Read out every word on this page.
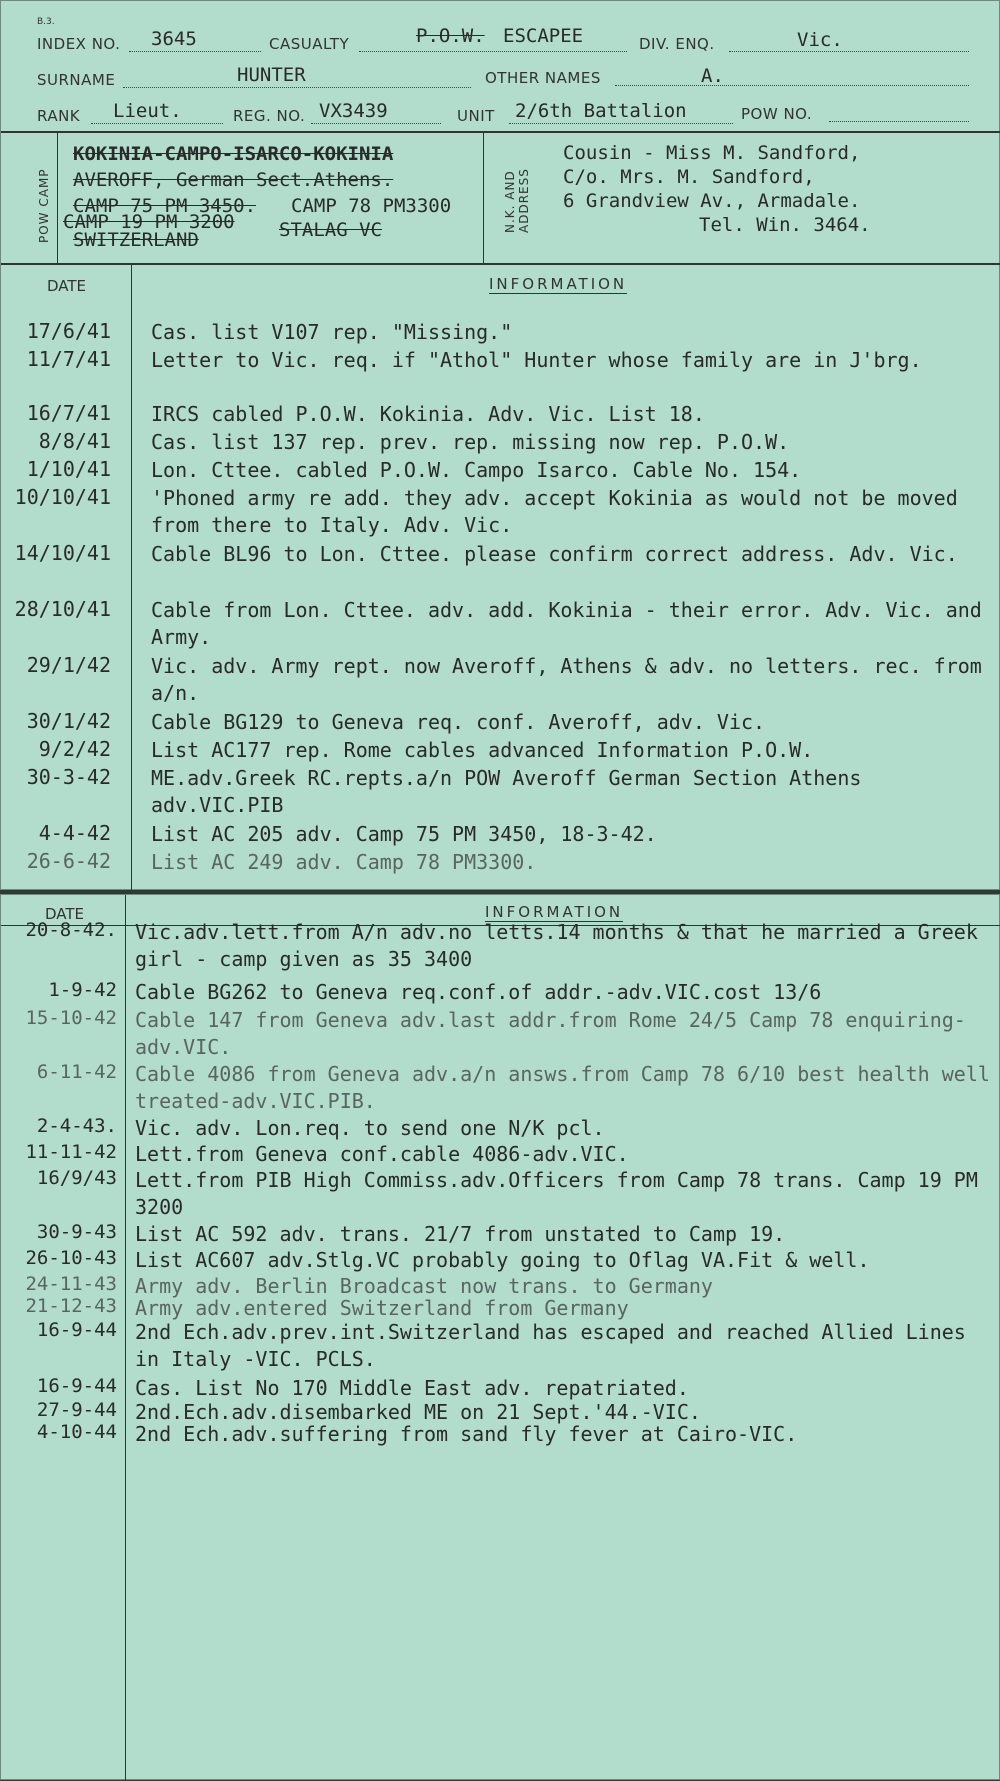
B.3.
INDEX NO. 3645	CASUALTY	P.O.W. ESCAPEE	DIV. ENQ.	Vic.
SURNAME	HUNTER	OTHER NAMES	A.
RANK Lieut.	REG. NO. VX3439	UNIT 2/6th Battalion	POW NO.
POW CAMP	N.K. AND ADDRESS
KOKINIA-CAMPO-ISARCO-KOKINIA
AVEROFF, German Sect.Athens.
CAMP 75 PM 3450. CAMP 78 PM3300
CAMP 19 PM 3200 STALAG VC
SWITZERLAND
Cousin - Miss M. Sandford,
C/o. Mrs. M. Sandford,
6 Grandview Av., Armadale.
Tel. Win. 3464.
DATE	INFORMATION
17/6/41 Cas. list V107 rep. "Missing."
11/7/41 Letter to Vic. req. if "Athol" Hunter whose family are in J'brg.
16/7/41 IRCS cabled P.O.W. Kokinia. Adv. Vic. List 18.
8/8/41 Cas. list 137 rep. prev. rep. missing now rep. P.O.W.
1/10/41 Lon. Cttee. cabled P.O.W. Campo Isarco. Cable No. 154.
10/10/41 'Phoned army re add. they adv. accept Kokinia as would not be moved from there to Italy. Adv. Vic.
14/10/41 Cable BL96 to Lon. Cttee. please confirm correct address. Adv. Vic.
28/10/41 Cable from Lon. Cttee. adv. add. Kokinia - their error. Adv. Vic. and Army.
29/1/42 Vic. adv. Army rept. now Averoff, Athens & adv. no letters. rec. from a/n.
30/1/42 Cable BG129 to Geneva req. conf. Averoff, adv. Vic.
9/2/42 List AC177 rep. Rome cables advanced Information P.O.W.
30-3-42 ME.adv.Greek RC.repts.a/n POW Averoff German Section Athens adv.VIC.PIB
4-4-42 List AC 205 adv. Camp 75 PM 3450, 18-3-42.
26-6-42 List AC 249 adv. Camp 78 PM3300.
DATE	INFORMATION
20-8-42. Vic.adv.lett.from A/n adv.no letts.14 months & that he married a Greek girl - camp given as 35 3400
1-9-42 Cable BG262 to Geneva req.conf.of addr.-adv.VIC.cost 13/6
15-10-42 Cable 147 from Geneva adv.last addr.from Rome 24/5 Camp 78 enquiring-adv.VIC.
6-11-42 Cable 4086 from Geneva adv.a/n answs.from Camp 78 6/10 best health well treated-adv.VIC.PIB.
2-4-43. Vic. adv. Lon.req. to send one N/K pcl.
11-11-42 Lett.from Geneva conf.cable 4086-adv.VIC.
16/9/43 Lett.from PIB High Commiss.adv.Officers from Camp 78 trans. Camp 19 PM 3200
30-9-43 List AC 592 adv. trans. 21/7 from unstated to Camp 19.
26-10-43 List AC607 adv.Stlg.VC probably going to Oflag VA.Fit & well.
24-11-43 Army adv. Berlin Broadcast now trans. to Germany
21-12-43 Army adv.entered Switzerland from Germany
16-9-44 2nd Ech.adv.prev.int.Switzerland has escaped and reached Allied Lines in Italy -VIC. PCLS.
16-9-44 Cas. List No 170 Middle East adv. repatriated.
27-9-44 2nd.Ech.adv.disembarked ME on 21 Sept.'44.-VIC.
4-10-44 2nd Ech.adv.suffering from sand fly fever at Cairo-VIC.
